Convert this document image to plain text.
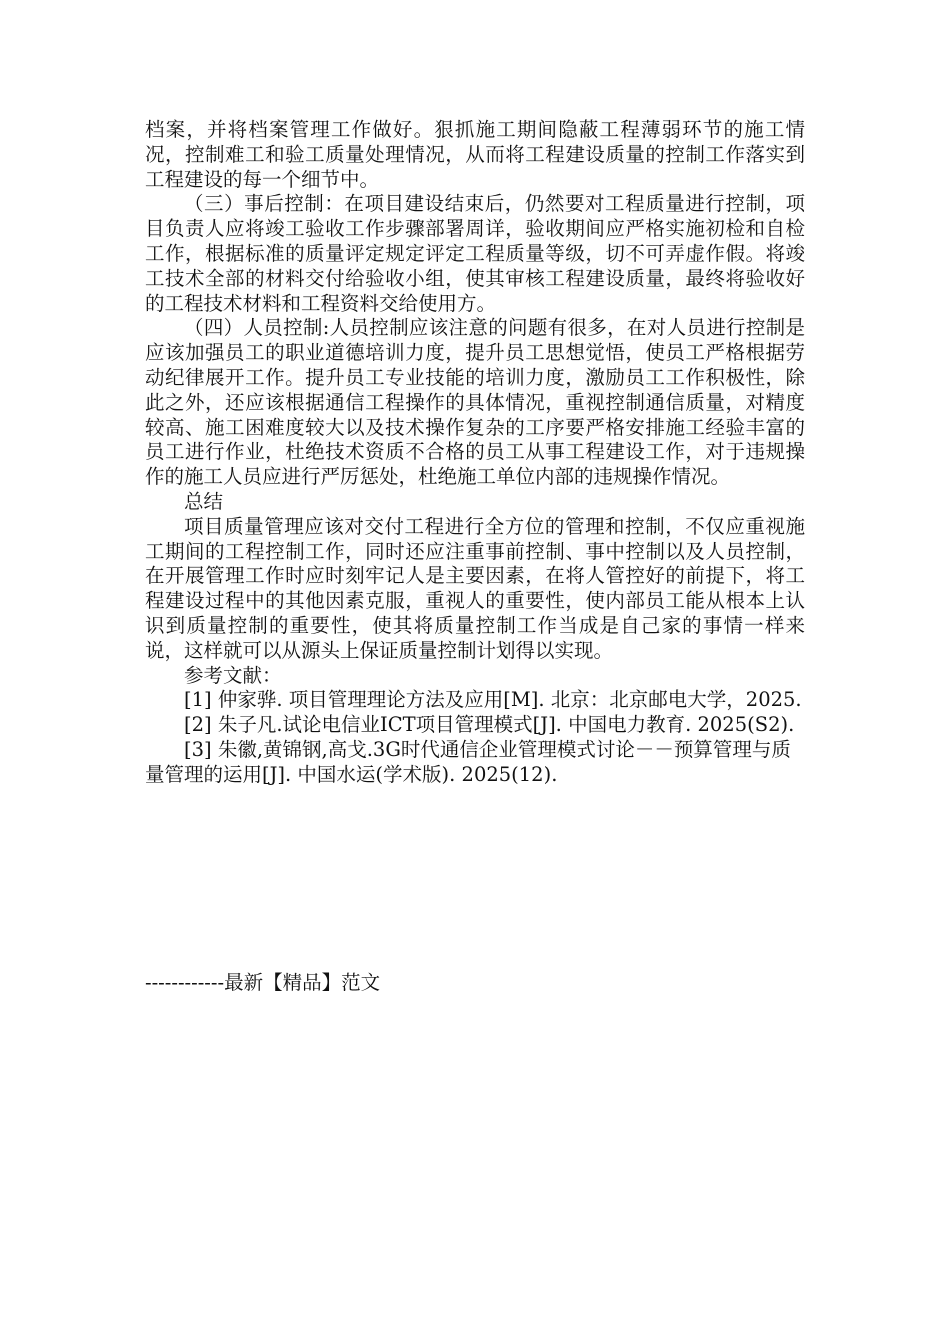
档案，并将档案管理工作做好。狠抓施工期间隐蔽工程薄弱环节的施工情况，控制难工和验工质量处理情况，从而将工程建设质量的控制工作落实到工程建设的每一个细节中。

（三）事后控制：在项目建设结束后，仍然要对工程质量进行控制，项目负责人应将竣工验收工作步骤部署周详，验收期间应严格实施初检和自检工作，根据标准的质量评定规定评定工程质量等级，切不可弄虚作假。将竣工技术全部的材料交付给验收小组，使其审核工程建设质量，最终将验收好的工程技术材料和工程资料交给使用方。

（四）人员控制:人员控制应该注意的问题有很多，在对人员进行控制是应该加强员工的职业道德培训力度，提升员工思想觉悟，使员工严格根据劳动纪律展开工作。提升员工专业技能的培训力度，激励员工工作积极性，除此之外，还应该根据通信工程操作的具体情况，重视控制通信质量，对精度较高、施工困难度较大以及技术操作复杂的工序要严格安排施工经验丰富的员工进行作业，杜绝技术资质不合格的员工从事工程建设工作，对于违规操作的施工人员应进行严厉惩处，杜绝施工单位内部的违规操作情况。

总结

项目质量管理应该对交付工程进行全方位的管理和控制，不仅应重视施工期间的工程控制工作，同时还应注重事前控制、事中控制以及人员控制，在开展管理工作时应时刻牢记人是主要因素，在将人管控好的前提下，将工程建设过程中的其他因素克服，重视人的重要性，使内部员工能从根本上认识到质量控制的重要性，使其将质量控制工作当成是自己家的事情一样来说，这样就可以从源头上保证质量控制计划得以实现。

参考文献：

[1] 仲家骅. 项目管理理论方法及应用[M]. 北京：北京邮电大学，2025.

[2] 朱子凡.试论电信业ICT项目管理模式[J]. 中国电力教育. 2025(S2).

[3] 朱徽,黄锦钢,高戈.3G时代通信企业管理模式讨论－－预算管理与质量管理的运用[J]. 中国水运(学术版). 2025(12).

------------最新【精品】范文
